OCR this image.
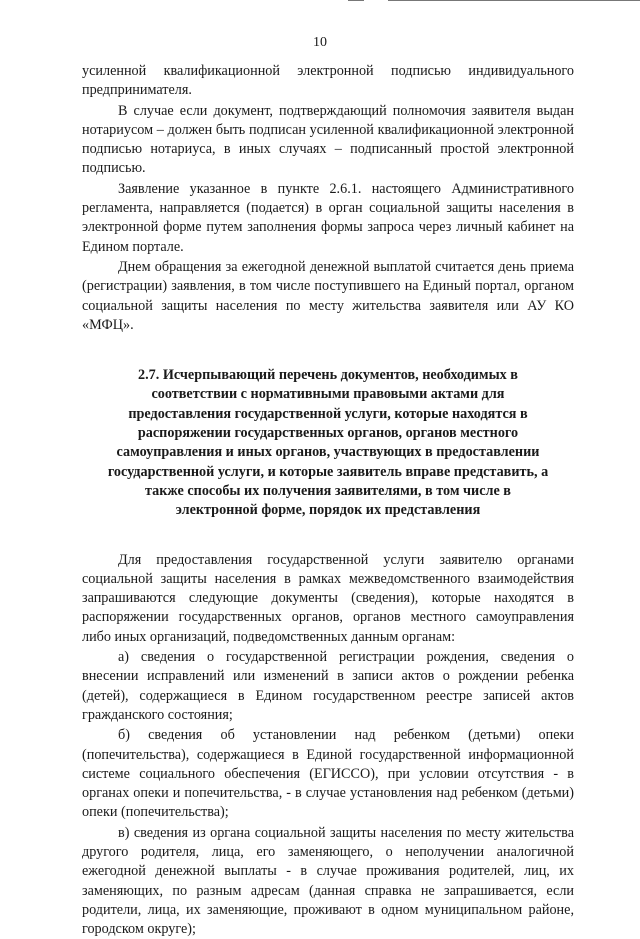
10

усиленной квалификационной электронной подписью индивидуального предпринимателя.

В случае если документ, подтверждающий полномочия заявителя выдан нотариусом – должен быть подписан усиленной квалификационной электронной подписью нотариуса, в иных случаях – подписанный простой электронной подписью.

Заявление указанное в пункте 2.6.1. настоящего Административного регламента, направляется (подается) в орган социальной защиты населения в электронной форме путем заполнения формы запроса через личный кабинет на Едином портале.

Днем обращения за ежегодной денежной выплатой считается день приема (регистрации) заявления, в том числе поступившего на Единый портал, органом социальной защиты населения по месту жительства заявителя или АУ КО «МФЦ».

2.7. Исчерпывающий перечень документов, необходимых в соответствии с нормативными правовыми актами для предоставления государственной услуги, которые находятся в распоряжении государственных органов, органов местного самоуправления и иных органов, участвующих в предоставлении государственной услуги, и которые заявитель вправе представить, а также способы их получения заявителями, в том числе в электронной форме, порядок их представления

Для предоставления государственной услуги заявителю органами социальной защиты населения в рамках межведомственного взаимодействия запрашиваются следующие документы (сведения), которые находятся в распоряжении государственных органов, органов местного самоуправления либо иных организаций, подведомственных данным органам:

а) сведения о государственной регистрации рождения, сведения о внесении исправлений или изменений в записи актов о рождении ребенка (детей), содержащиеся в Едином государственном реестре записей актов гражданского состояния;

б) сведения об установлении над ребенком (детьми) опеки (попечительства), содержащиеся в Единой государственной информационной системе социального обеспечения (ЕГИССО), при условии отсутствия - в органах опеки и попечительства, - в случае установления над ребенком (детьми) опеки (попечительства);

в) сведения из органа социальной защиты населения по месту жительства другого родителя, лица, его заменяющего, о неполучении аналогичной ежегодной денежной выплаты - в случае проживания родителей, лиц, их заменяющих, по разным адресам (данная справка не запрашивается, если родители, лица, их заменяющие, проживают в одном муниципальном районе, городском округе);
